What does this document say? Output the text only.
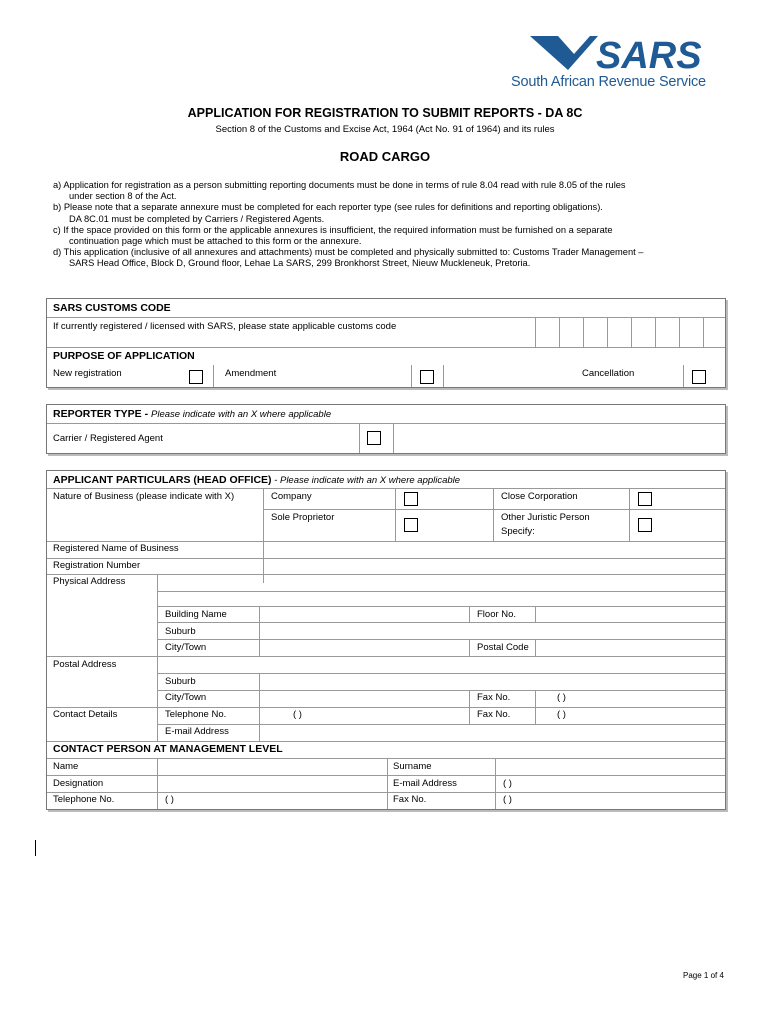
SARS
South African Revenue Service
APPLICATION FOR REGISTRATION TO SUBMIT REPORTS - DA 8C
Section 8 of the Customs and Excise Act, 1964 (Act No. 91 of 1964) and its rules
ROAD CARGO
a) Application for registration as a person submitting reporting documents must be done in terms of rule 8.04 read with rule 8.05 of the rules
under section 8 of the Act.
b) Please note that a separate annexure must be completed for each reporter type (see rules for definitions and reporting obligations).
DA 8C.01 must be completed by Carriers / Registered Agents.
c) If the space provided on this form or the applicable annexures is insufficient, the required information must be furnished on a separate
continuation page which must be attached to this form or the annexure.
d) This application (inclusive of all annexures and attachments) must be completed and physically submitted to: Customs Trader Management –
SARS Head Office, Block D, Ground floor, Lehae La SARS, 299 Bronkhorst Street, Nieuw Muckleneuk, Pretoria.
SARS CUSTOMS CODE
If currently registered / licensed with SARS, please state applicable customs code
PURPOSE OF APPLICATION
New registration	Amendment	Cancellation
REPORTER TYPE - Please indicate with an X where applicable
Carrier / Registered Agent
APPLICANT PARTICULARS (HEAD OFFICE) - Please indicate with an X where applicable
Nature of Business (please indicate with X)	Company	Close Corporation
Sole Proprietor	Other Juristic Person
Specify:
Registered Name of Business
Registration Number
Physical Address
Building Name	Floor No.
Suburb
City/Town	Postal Code
Postal Address
Suburb
City/Town	Fax No.	( )
Contact Details	Telephone No.	( )	Fax No.	( )
E-mail Address
CONTACT PERSON AT MANAGEMENT LEVEL
Name	Surname
Designation	E-mail Address	( )
Telephone No.	( )	Fax No.	( )
Page 1 of 4
